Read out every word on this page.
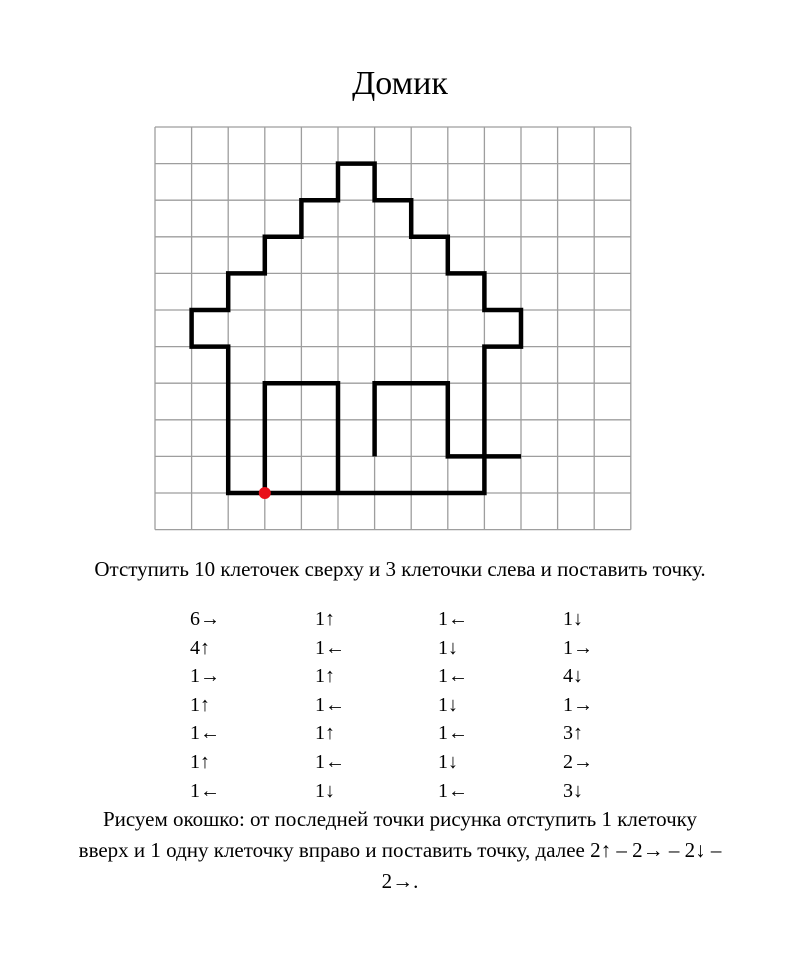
Домик
Отступить 10 клеточек сверху и 3 клеточки слева и поставить точку.
6→
4↑
1→
1↑
1←
1↑
1←
1↑
1←
1↑
1←
1↑
1←
1↓
1←
1↓
1←
1↓
1←
1↓
1←
1↓
1→
4↓
1→
3↑
2→
3↓
Рисуем окошко: от последней точки рисунка отступить 1 клеточку
вверх и 1 одну клеточку вправо и поставить точку, далее 2↑ – 2→ – 2↓ –
2→.
